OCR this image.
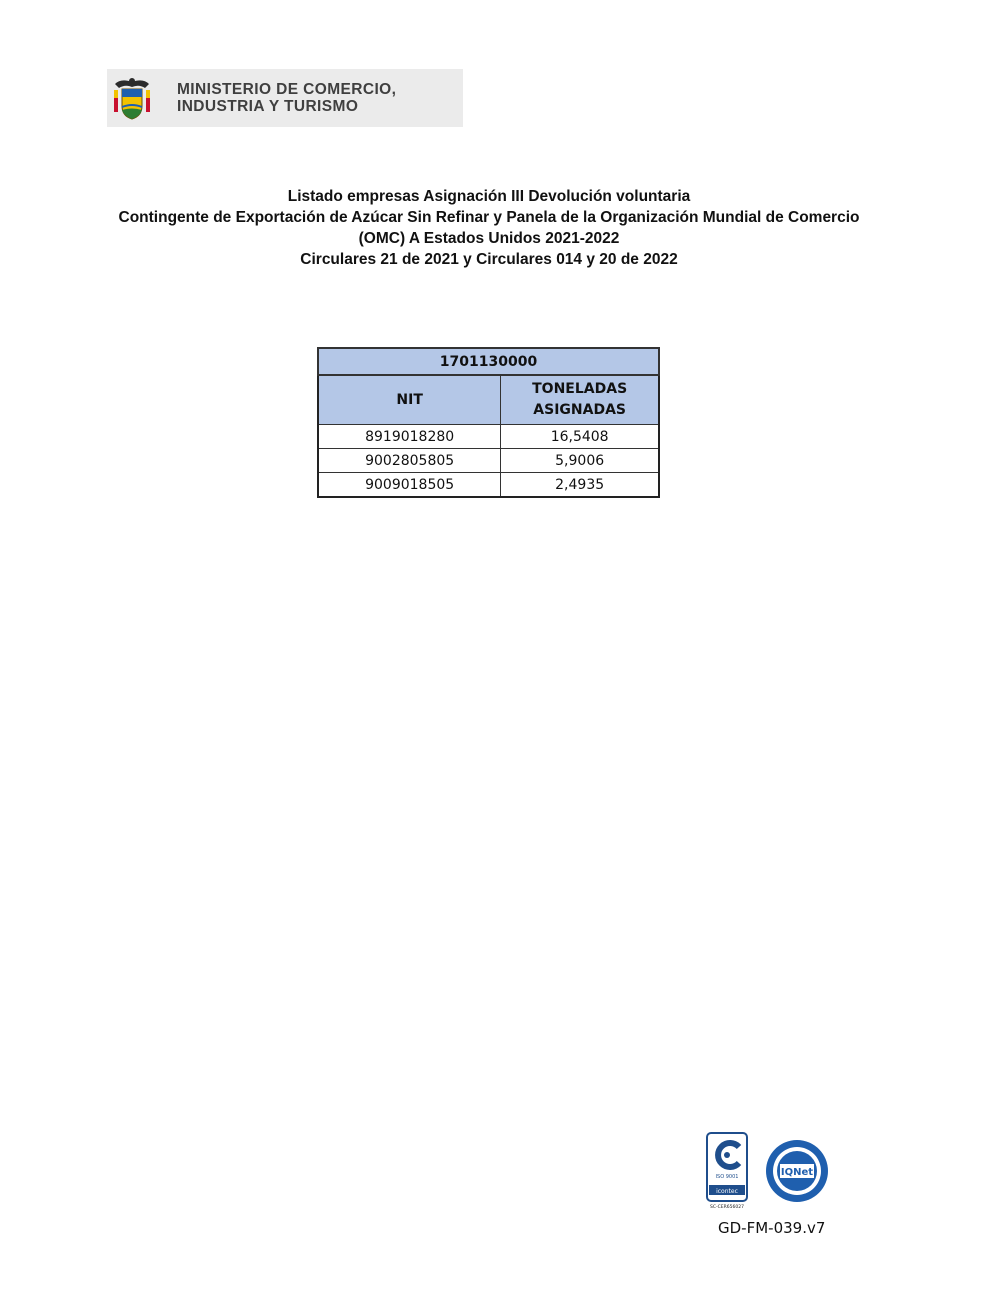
MINISTERIO DE COMERCIO,
INDUSTRIA Y TURISMO
Listado empresas Asignación III Devolución voluntaria
Contingente de Exportación de Azúcar Sin Refinar y Panela de la Organización Mundial de Comercio
(OMC) A Estados Unidos 2021-2022
Circulares 21 de 2021 y Circulares 014 y 20 de 2022
1701130000	
NIT	TONELADAS
ASIGNADAS
8919018280	16,5408
9002805805	5,9006
9009018505	2,4935
ISO 9001
icontec
SC-CER656027
IQNet
GD-FM-039.v7
